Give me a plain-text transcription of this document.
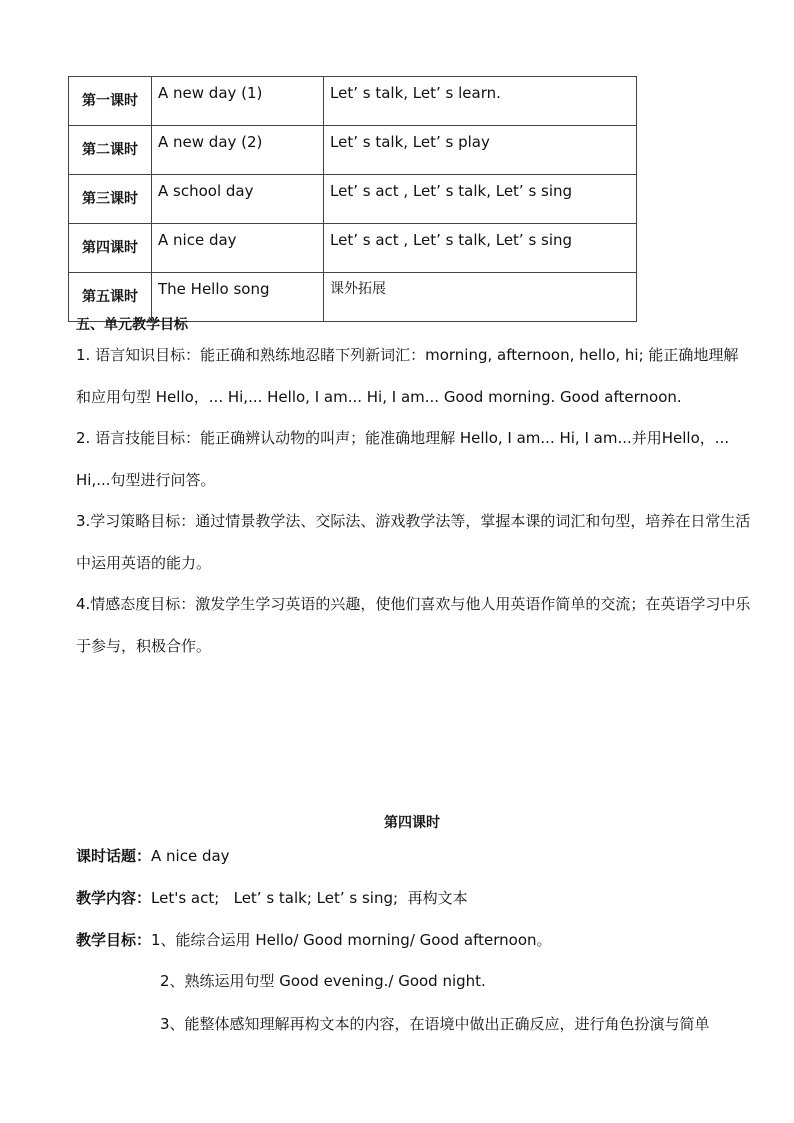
第一课时	A new day (1)	Let’ s talk, Let’ s learn.
第二课时	A new day (2)	Let’ s talk, Let’ s play
第三课时	A school day	Let’ s act , Let’ s talk, Let’ s sing
第四课时	A nice day	Let’ s act , Let’ s talk, Let’ s sing
第五课时	The Hello song	课外拓展
五、单元教学目标
1. 语言知识目标：能正确和熟练地忍睹下列新词汇：morning, afternoon, hello, hi; 能正确地理解和应用句型 Hello，... Hi,... Hello, I am... Hi, I am... Good morning. Good afternoon.
2. 语言技能目标：能正确辨认动物的叫声；能准确地理解 Hello, I am... Hi, I am...并用Hello，... Hi,...句型进行问答。
3.学习策略目标：通过情景教学法、交际法、游戏教学法等，掌握本课的词汇和句型，培养在日常生活中运用英语的能力。
4.情感态度目标：激发学生学习英语的兴趣，使他们喜欢与他人用英语作简单的交流；在英语学习中乐于参与，积极合作。
第四课时
课时话题：A nice day
教学内容：Let's act;   Let’ s talk; Let’ s sing;  再构文本
教学目标：1、能综合运用 Hello/ Good morning/ Good afternoon。
2、熟练运用句型 Good evening./ Good night.
3、能整体感知理解再构文本的内容，在语境中做出正确反应，进行角色扮演与简单
